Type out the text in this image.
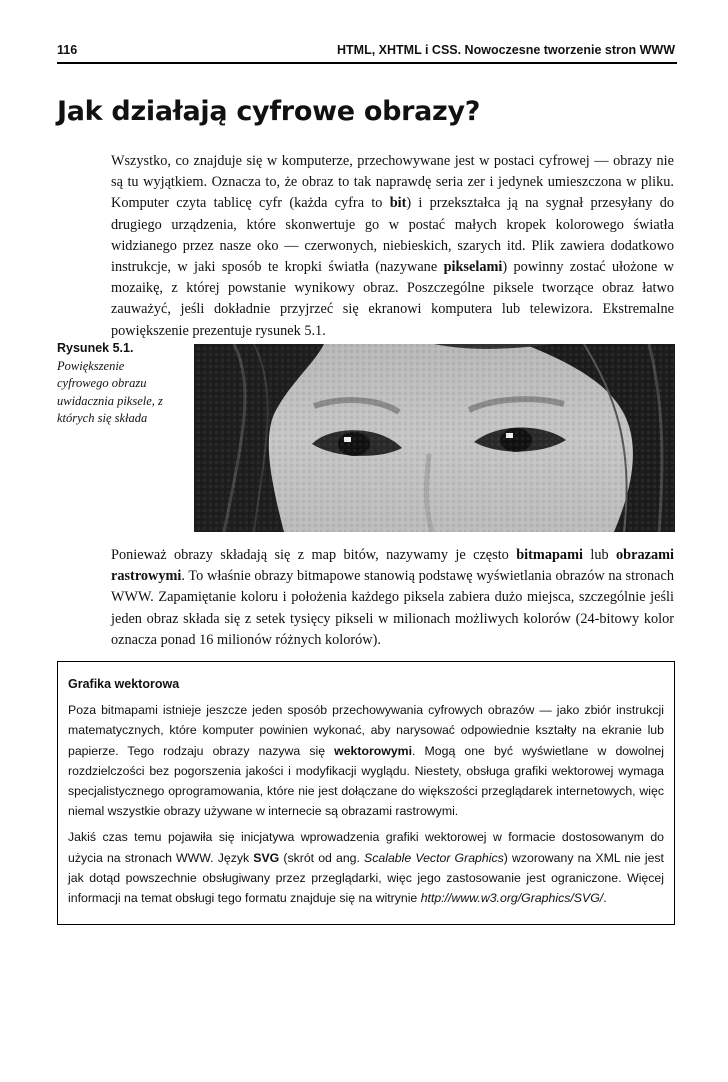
116	HTML, XHTML i CSS. Nowoczesne tworzenie stron WWW
Jak działają cyfrowe obrazy?

Wszystko, co znajduje się w komputerze, przechowywane jest w postaci cyfrowej — obrazy nie są tu wyjątkiem. Oznacza to, że obraz to tak naprawdę seria zer i jedynek umieszczona w pliku. Komputer czyta tablicę cyfr (każda cyfra to bit) i przekształca ją na sygnał przesyłany do drugiego urządzenia, które skonwertuje go w postać małych kropek kolorowego światła widzianego przez nasze oko — czerwonych, niebieskich, szarych itd. Plik zawiera dodatkowo instrukcje, w jaki sposób te kropki światła (nazywane pikselami) powinny zostać ułożone w mozaikę, z której powstanie wynikowy obraz. Poszczególne piksele tworzące obraz łatwo zauważyć, jeśli dokładnie przyjrzeć się ekranowi komputera lub telewizora. Ekstremalne powiększenie prezentuje rysunek 5.1.

Rysunek 5.1.
Powiększenie cyfrowego obrazu uwidacznia piksele, z których się składa

Ponieważ obrazy składają się z map bitów, nazywamy je często bitmapami lub obrazami rastrowymi. To właśnie obrazy bitmapowe stanowią podstawę wyświetlania obrazów na stronach WWW. Zapamiętanie koloru i położenia każdego piksela zabiera dużo miejsca, szczególnie jeśli jeden obraz składa się z setek tysięcy pikseli w milionach możliwych kolorów (24-bitowy kolor oznacza ponad 16 milionów różnych kolorów).

Grafika wektorowa

Poza bitmapami istnieje jeszcze jeden sposób przechowywania cyfrowych obrazów — jako zbiór instrukcji matematycznych, które komputer powinien wykonać, aby narysować odpowiednie kształty na ekranie lub papierze. Tego rodzaju obrazy nazywa się wektorowymi. Mogą one być wyświetlane w dowolnej rozdzielczości bez pogorszenia jakości i modyfikacji wyglądu. Niestety, obsługa grafiki wektorowej wymaga specjalistycznego oprogramowania, które nie jest dołączane do większości przeglądarek internetowych, więc niemal wszystkie obrazy używane w internecie są obrazami rastrowymi.

Jakiś czas temu pojawiła się inicjatywa wprowadzenia grafiki wektorowej w formacie dostosowanym do użycia na stronach WWW. Język SVG (skrót od ang. Scalable Vector Graphics) wzorowany na XML nie jest jak dotąd powszechnie obsługiwany przez przeglądarki, więc jego zastosowanie jest ograniczone. Więcej informacji na temat obsługi tego formatu znajduje się na witrynie http://www.w3.org/Graphics/SVG/.
